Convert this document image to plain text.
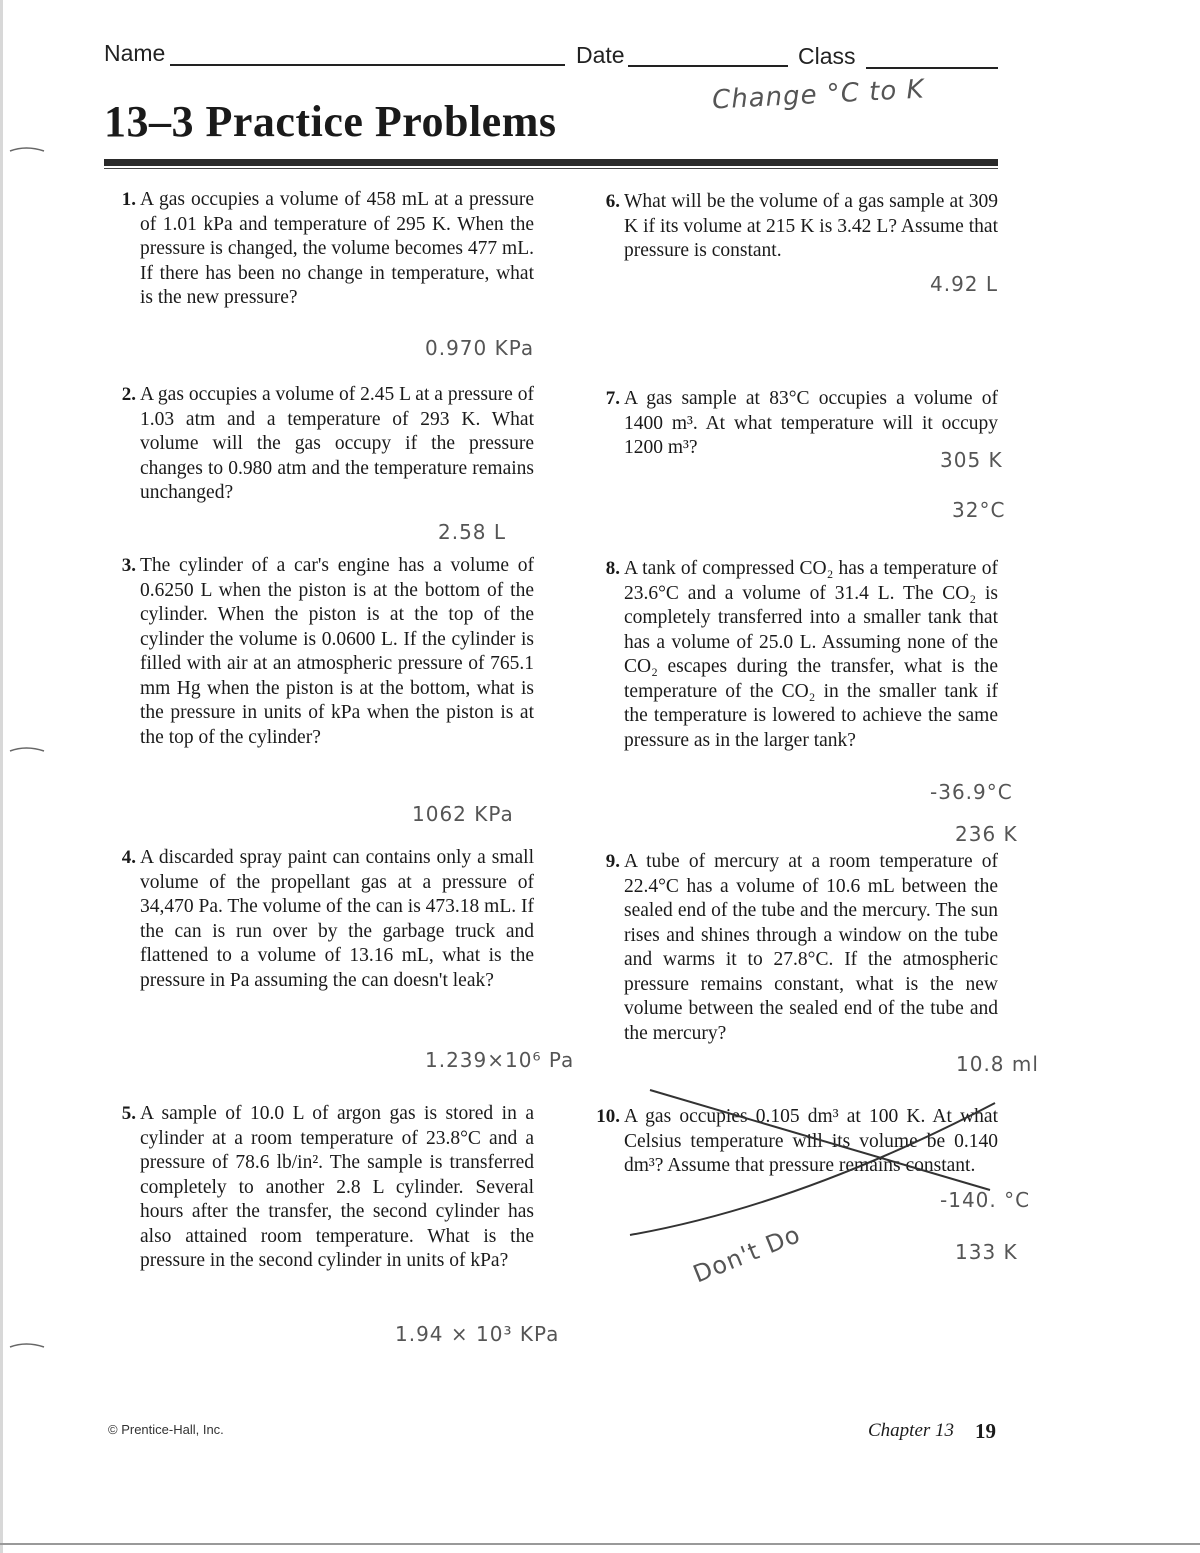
Name	Date	Class
13–3 Practice Problems
Change °C to K
1. A gas occupies a volume of 458 mL at a pressure of 1.01 kPa and temperature of 295 K. When the pressure is changed, the volume becomes 477 mL. If there has been no change in temperature, what is the new pressure?
0.970 KPa
2. A gas occupies a volume of 2.45 L at a pressure of 1.03 atm and a temperature of 293 K. What volume will the gas occupy if the pressure changes to 0.980 atm and the temperature remains unchanged?
2.58 L
3. The cylinder of a car's engine has a volume of 0.6250 L when the piston is at the bottom of the cylinder. When the piston is at the top of the cylinder the volume is 0.0600 L. If the cylinder is filled with air at an atmospheric pressure of 765.1 mm Hg when the piston is at the bottom, what is the pressure in units of kPa when the piston is at the top of the cylinder?
1062 KPa
4. A discarded spray paint can contains only a small volume of the propellant gas at a pressure of 34,470 Pa. The volume of the can is 473.18 mL. If the can is run over by the garbage truck and flattened to a volume of 13.16 mL, what is the pressure in Pa assuming the can doesn't leak?
1.239×10⁶ Pa
5. A sample of 10.0 L of argon gas is stored in a cylinder at a room temperature of 23.8°C and a pressure of 78.6 lb/in². The sample is transferred completely to another 2.8 L cylinder. Several hours after the transfer, the second cylinder has also attained room temperature. What is the pressure in the second cylinder in units of kPa?
1.94 × 10³ KPa
6. What will be the volume of a gas sample at 309 K if its volume at 215 K is 3.42 L? Assume that pressure is constant.
4.92 L
7. A gas sample at 83°C occupies a volume of 1400 m³. At what temperature will it occupy 1200 m³?
305 K
32°C
8. A tank of compressed CO₂ has a temperature of 23.6°C and a volume of 31.4 L. The CO₂ is completely transferred into a smaller tank that has a volume of 25.0 L. Assuming none of the CO₂ escapes during the transfer, what is the temperature of the CO₂ in the smaller tank if the temperature is lowered to achieve the same pressure as in the larger tank?
-36.9°C
236 K
9. A tube of mercury at a room temperature of 22.4°C has a volume of 10.6 mL between the sealed end of the tube and the mercury. The sun rises and shines through a window on the tube and warms it to 27.8°C. If the atmospheric pressure remains constant, what is the new volume between the sealed end of the tube and the mercury?
10.8 ml
10. A gas occupies 0.105 dm³ at 100 K. At what Celsius temperature will its volume be 0.140 dm³? Assume that pressure remains constant.
-140. °C
133 K
Don't Do
© Prentice-Hall, Inc.	Chapter 13 19
